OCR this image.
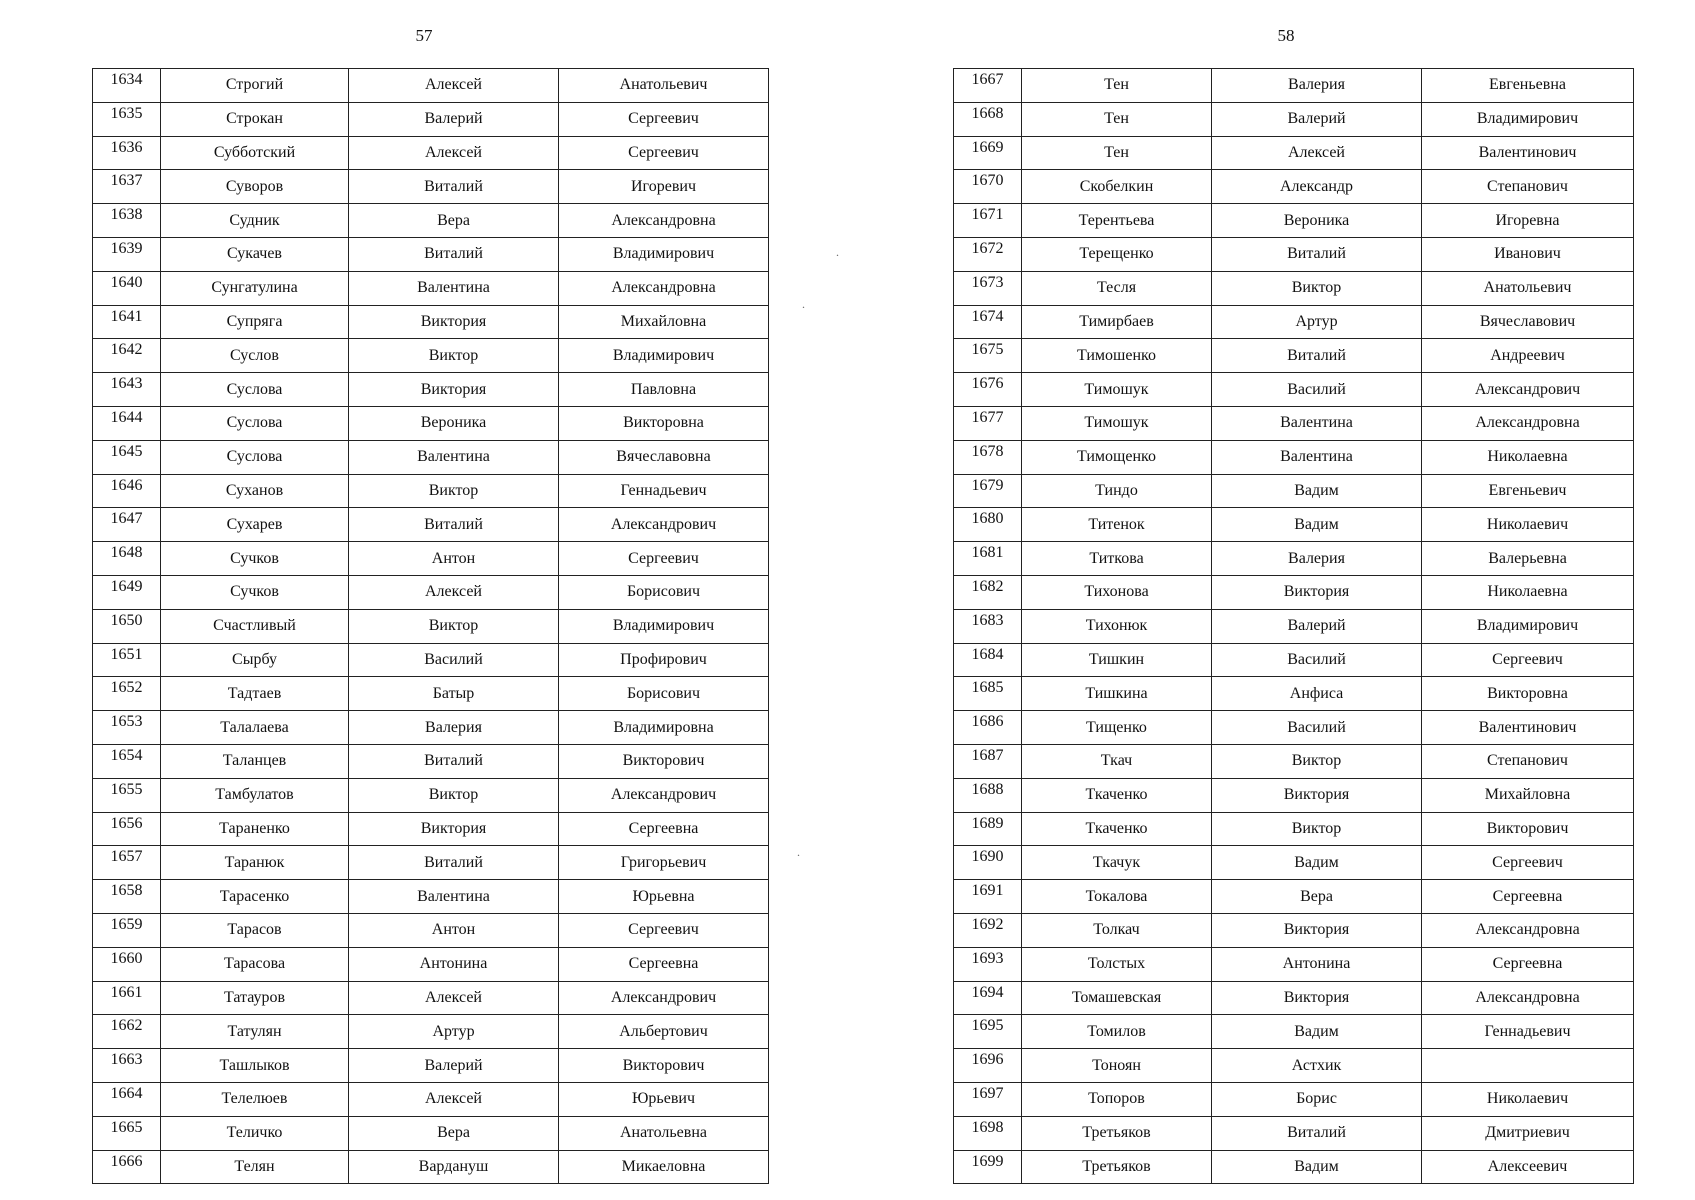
57	58
1634	Строгий	Алексей	Анатольевич
1635	Строкан	Валерий	Сергеевич
1636	Субботский	Алексей	Сергеевич
1637	Суворов	Виталий	Игоревич
1638	Судник	Вера	Александровна
1639	Сукачев	Виталий	Владимирович
1640	Сунгатулина	Валентина	Александровна
1641	Супряга	Виктория	Михайловна
1642	Суслов	Виктор	Владимирович
1643	Суслова	Виктория	Павловна
1644	Суслова	Вероника	Викторовна
1645	Суслова	Валентина	Вячеславовна
1646	Суханов	Виктор	Геннадьевич
1647	Сухарев	Виталий	Александрович
1648	Сучков	Антон	Сергеевич
1649	Сучков	Алексей	Борисович
1650	Счастливый	Виктор	Владимирович
1651	Сырбу	Василий	Профирович
1652	Тадтаев	Батыр	Борисович
1653	Талалаева	Валерия	Владимировна
1654	Таланцев	Виталий	Викторович
1655	Тамбулатов	Виктор	Александрович
1656	Тараненко	Виктория	Сергеевна
1657	Таранюк	Виталий	Григорьевич
1658	Тарасенко	Валентина	Юрьевна
1659	Тарасов	Антон	Сергеевич
1660	Тарасова	Антонина	Сергеевна
1661	Татауров	Алексей	Александрович
1662	Татулян	Артур	Альбертович
1663	Ташлыков	Валерий	Викторович
1664	Телелюев	Алексей	Юрьевич
1665	Теличко	Вера	Анатольевна
1666	Телян	Вардануш	Микаеловна
1667	Тен	Валерия	Евгеньевна
1668	Тен	Валерий	Владимирович
1669	Тен	Алексей	Валентинович
1670	Скобелкин	Александр	Степанович
1671	Терентьева	Вероника	Игоревна
1672	Терещенко	Виталий	Иванович
1673	Тесля	Виктор	Анатольевич
1674	Тимирбаев	Артур	Вячеславович
1675	Тимошенко	Виталий	Андреевич
1676	Тимошук	Василий	Александрович
1677	Тимошук	Валентина	Александровна
1678	Тимощенко	Валентина	Николаевна
1679	Тиндо	Вадим	Евгеньевич
1680	Титенок	Вадим	Николаевич
1681	Титкова	Валерия	Валерьевна
1682	Тихонова	Виктория	Николаевна
1683	Тихонюк	Валерий	Владимирович
1684	Тишкин	Василий	Сергеевич
1685	Тишкина	Анфиса	Викторовна
1686	Тищенко	Василий	Валентинович
1687	Ткач	Виктор	Степанович
1688	Ткаченко	Виктория	Михайловна
1689	Ткаченко	Виктор	Викторович
1690	Ткачук	Вадим	Сергеевич
1691	Токалова	Вера	Сергеевна
1692	Толкач	Виктория	Александровна
1693	Толстых	Антонина	Сергеевна
1694	Томашевская	Виктория	Александровна
1695	Томилов	Вадим	Геннадьевич
1696	Тоноян	Астхик	
1697	Топоров	Борис	Николаевич
1698	Третьяков	Виталий	Дмитриевич
1699	Третьяков	Вадим	Алексеевич
.
.
.
